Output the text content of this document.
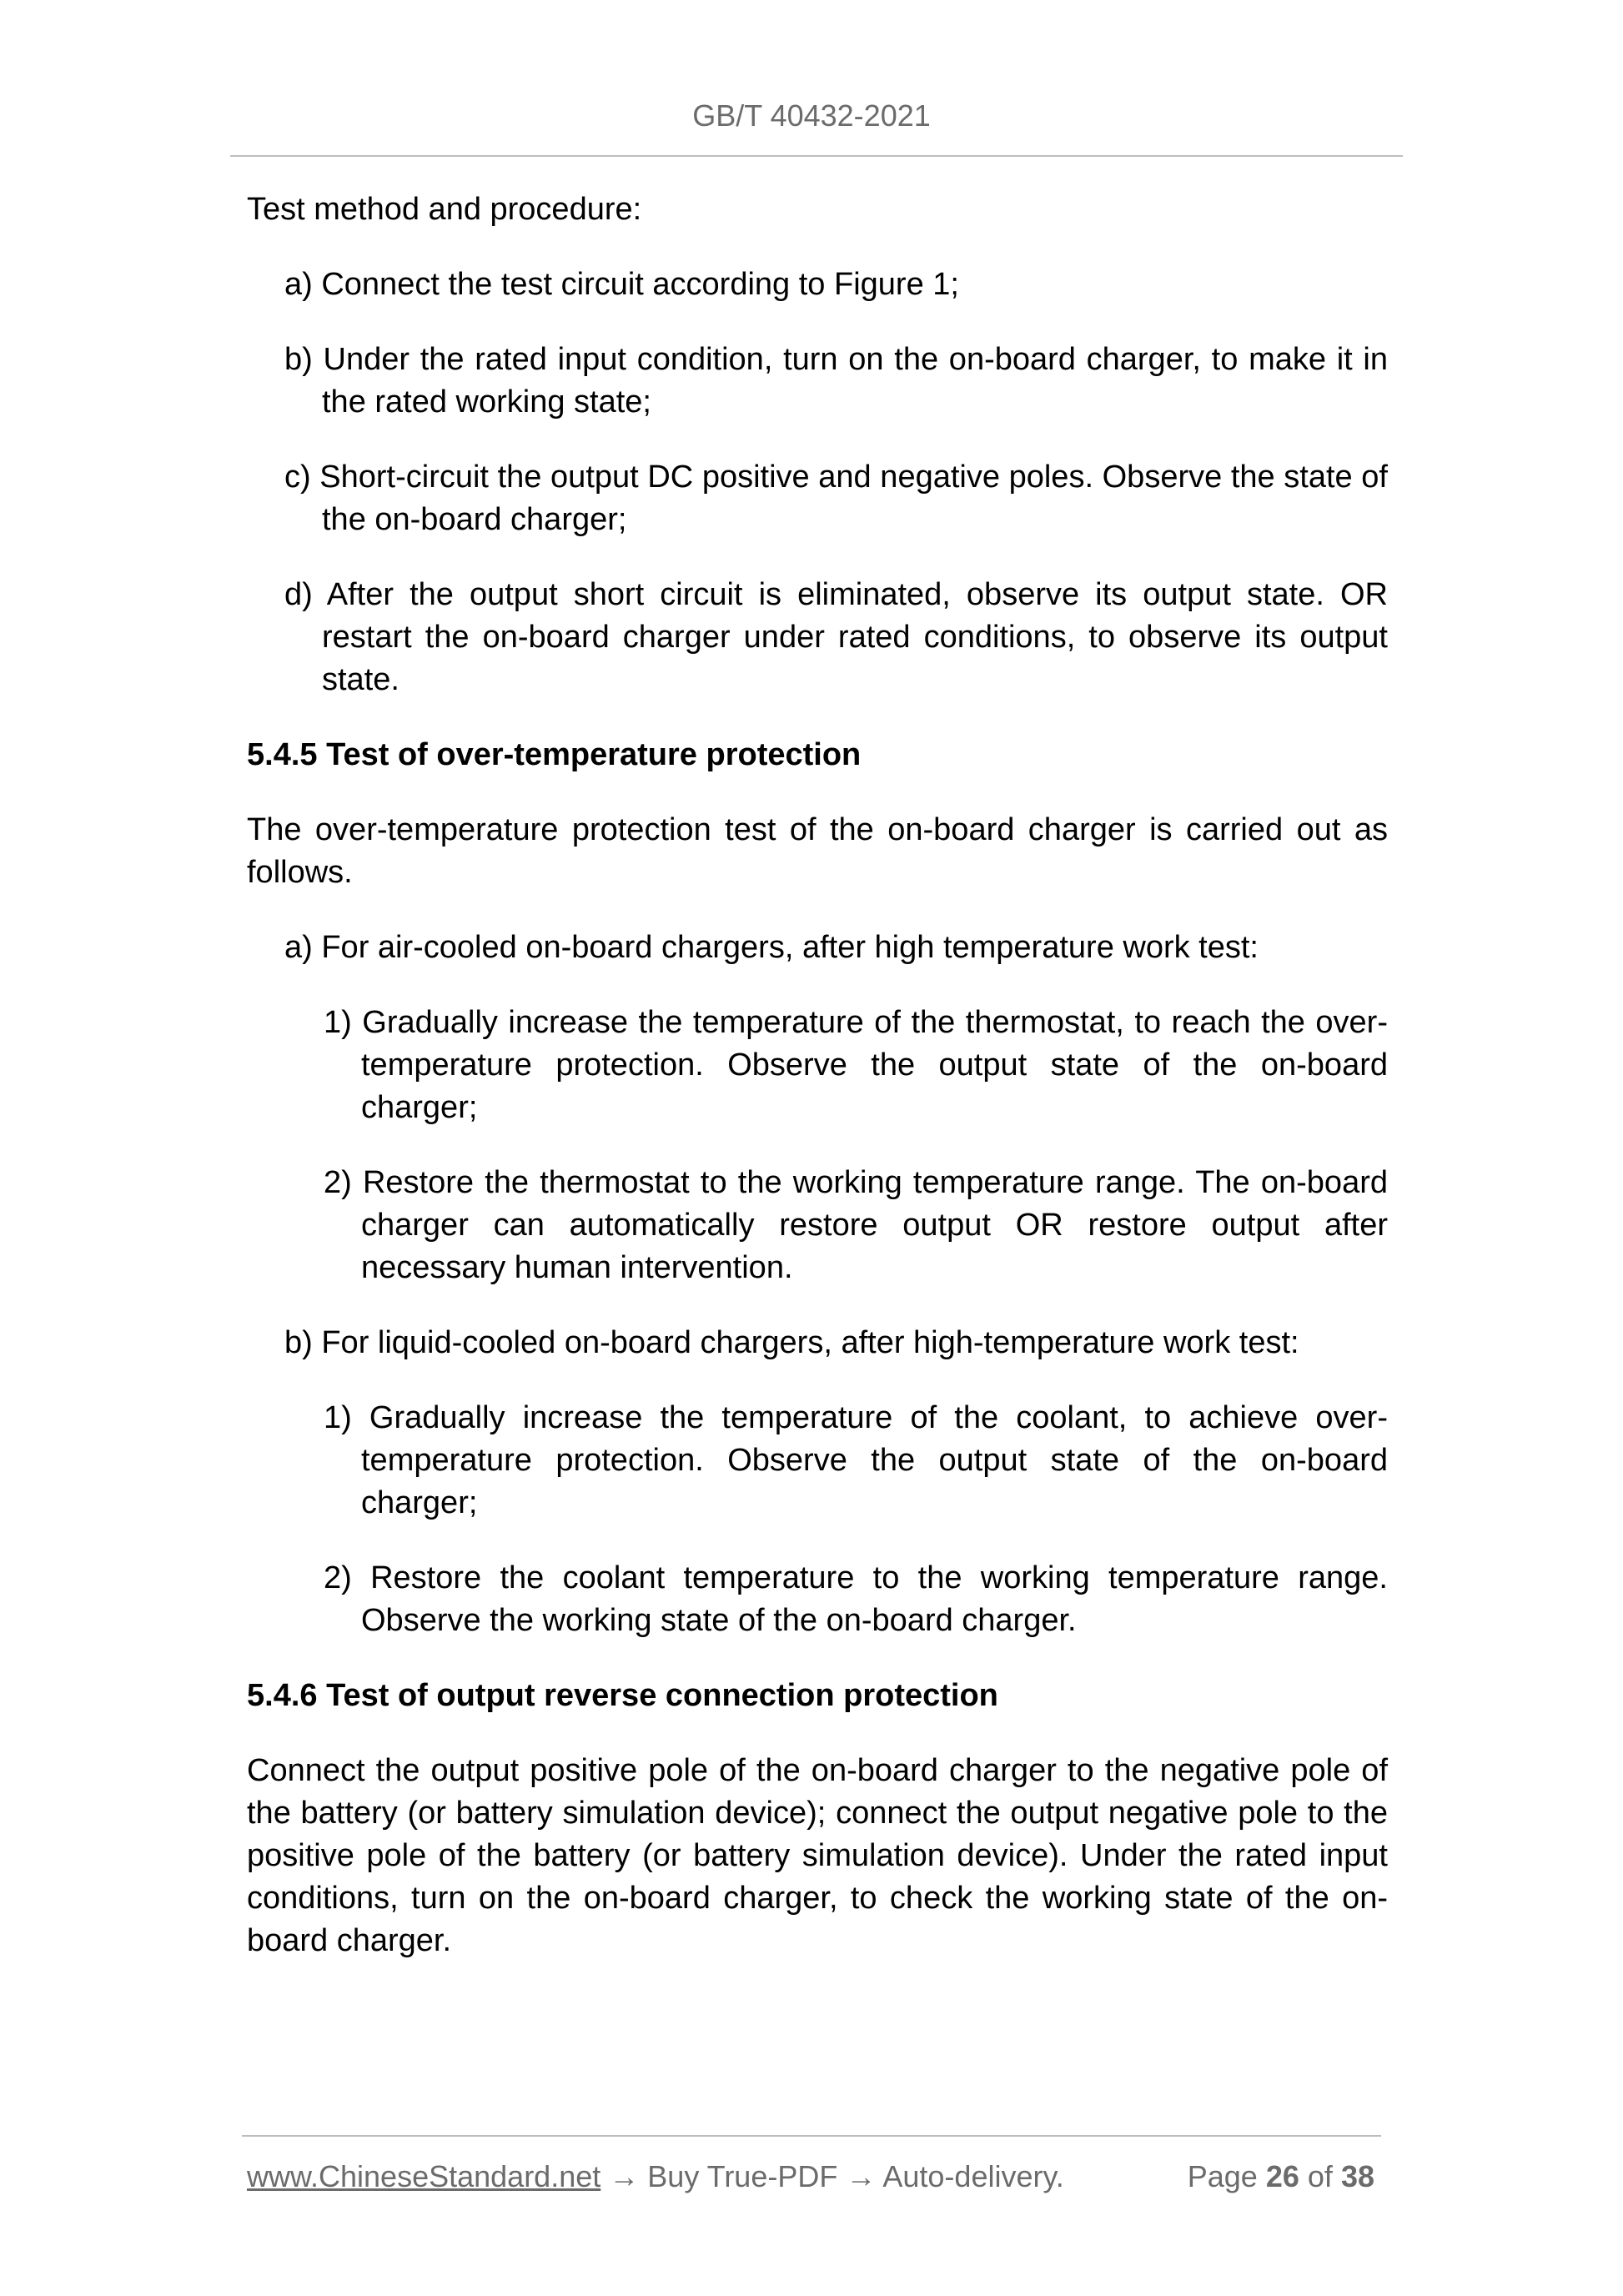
GB/T 40432-2021

Test method and procedure:

a) Connect the test circuit according to Figure 1;

b) Under the rated input condition, turn on the on-board charger, to make it in the rated working state;

c) Short-circuit the output DC positive and negative poles. Observe the state of the on-board charger;

d) After the output short circuit is eliminated, observe its output state. OR restart the on-board charger under rated conditions, to observe its output state.

5.4.5 Test of over-temperature protection

The over-temperature protection test of the on-board charger is carried out as follows.

a) For air-cooled on-board chargers, after high temperature work test:

1) Gradually increase the temperature of the thermostat, to reach the over-temperature protection. Observe the output state of the on-board charger;

2) Restore the thermostat to the working temperature range. The on-board charger can automatically restore output OR restore output after necessary human intervention.

b) For liquid-cooled on-board chargers, after high-temperature work test:

1) Gradually increase the temperature of the coolant, to achieve over-temperature protection. Observe the output state of the on-board charger;

2) Restore the coolant temperature to the working temperature range. Observe the working state of the on-board charger.

5.4.6 Test of output reverse connection protection

Connect the output positive pole of the on-board charger to the negative pole of the battery (or battery simulation device); connect the output negative pole to the positive pole of the battery (or battery simulation device). Under the rated input conditions, turn on the on-board charger, to check the working state of the on-board charger.

www.ChineseStandard.net → Buy True-PDF → Auto-delivery.	Page 26 of 38
